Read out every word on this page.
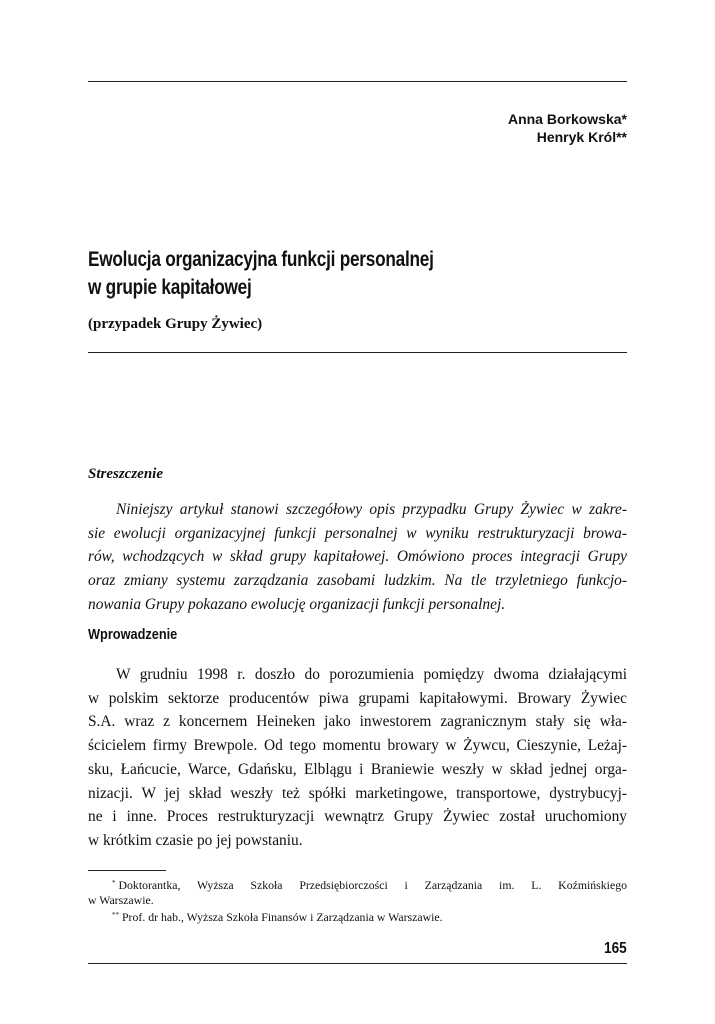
Anna Borkowska*
Henryk Król**
Ewolucja organizacyjna funkcji personalnej
w grupie kapitałowej
(przypadek Grupy Żywiec)
Streszczenie
Niniejszy artykuł stanowi szczegółowy opis przypadku Grupy Żywiec w zakre-
sie ewolucji organizacyjnej funkcji personalnej w wyniku restrukturyzacji browa-
rów, wchodzących w skład grupy kapitałowej. Omówiono proces integracji Grupy
oraz zmiany systemu zarządzania zasobami ludzkim. Na tle trzyletniego funkcjo-
nowania Grupy pokazano ewolucję organizacji funkcji personalnej.
Wprowadzenie
W grudniu 1998 r. doszło do porozumienia pomiędzy dwoma działającymi
w polskim sektorze producentów piwa grupami kapitałowymi. Browary Żywiec
S.A. wraz z koncernem Heineken jako inwestorem zagranicznym stały się wła-
ścicielem firmy Brewpole. Od tego momentu browary w Żywcu, Cieszynie, Leżaj-
sku, Łańcucie, Warce, Gdańsku, Elblągu i Braniewie weszły w skład jednej orga-
nizacji. W jej skład weszły też spółki marketingowe, transportowe, dystrybucyj-
ne i inne. Proces restrukturyzacji wewnątrz Grupy Żywiec został uruchomiony
w krótkim czasie po jej powstaniu.
* Doktorantka, Wyższa Szkoła Przedsiębiorczości i Zarządzania im. L. Koźmińskiego
w Warszawie.
** Prof. dr hab., Wyższa Szkoła Finansów i Zarządzania w Warszawie.
165
